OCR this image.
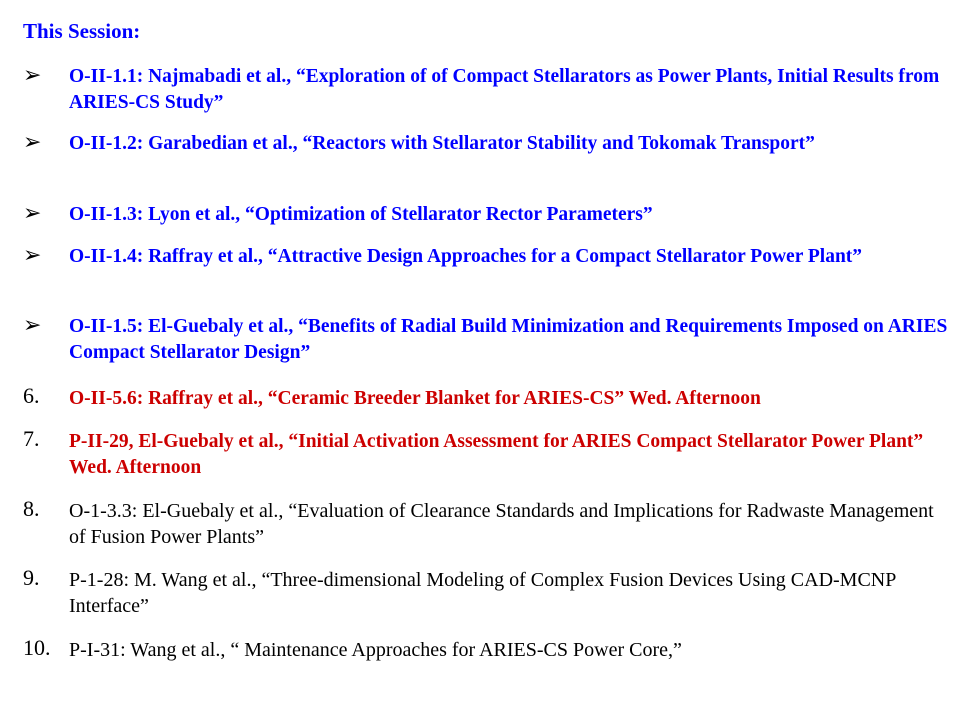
This Session:
➢ O-II-1.1: Najmabadi et al., “Exploration of of Compact Stellarators as Power Plants, Initial Results from ARIES-CS Study”
➢ O-II-1.2: Garabedian et al., “Reactors with Stellarator Stability and Tokomak Transport”
➢ O-II-1.3: Lyon et al., “Optimization of Stellarator Rector Parameters”
➢ O-II-1.4: Raffray et al., “Attractive Design Approaches for a Compact Stellarator Power Plant”
➢ O-II-1.5: El-Guebaly et al., “Benefits of Radial Build Minimization and Requirements Imposed on ARIES Compact Stellarator Design”
6. O-II-5.6: Raffray et al., “Ceramic Breeder Blanket for ARIES-CS” Wed. Afternoon
7. P-II-29, El-Guebaly et al., “Initial Activation Assessment for ARIES Compact Stellarator Power Plant” Wed. Afternoon
8. O-1-3.3: El-Guebaly et al., “Evaluation of Clearance Standards and Implications for Radwaste Management of Fusion Power Plants”
9. P-1-28: M. Wang et al., “Three-dimensional Modeling of Complex Fusion Devices Using CAD-MCNP Interface”
10. P-I-31: Wang et al., “ Maintenance Approaches for ARIES-CS Power Core,”
